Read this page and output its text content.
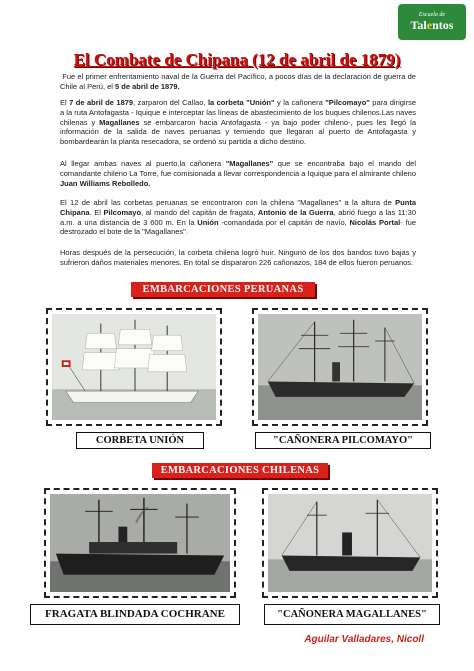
Escuela de
Talentos
El Combate de Chipana (12 de abril de 1879)

Fue el primer enfrentamiento naval de la Guerra del Pacífico, a pocos días de la declaración de guerra de Chile al Perú, el 5 de abril de 1879.

El 7 de abril de 1879, zarparon del Callao, la corbeta "Unión" y la cañonera "Pilcomayo" para dirigirse a la ruta Antofagasta - Iquique e interceptar las líneas de abastecimiento de los buques chilenos.Las naves chilenas y Magallanes se embarcaron hacia Antofagasta - ya bajo poder chileno-, pues les llegó la información de la salida de naves peruanas y temiendo que llegaran al puerto de Antofagasta y bombardearán la planta resecadora, se ordenó su partida a dicho destino.

Al llegar ambas naves al puerto,la cañonera "Magallanes" que se encontraba bajo el mando del comandante chileno La Torre, fue comisionada a llevar correspondencia a Iquique para el almirante chileno Juan Williams Rebolledo.

El 12 de abril las corbetas peruanas se encontraron con la chilena "Magallanes" a la altura de Punta Chipana. El Pilcomayo, al mando del capitán de fragata, Antonio de la Guerra, abrió fuego a las 11:30 a.m. a una distancia de 3 600 m. En la Unión -comandada por el capitán de navío, Nicolás Portal- fue destrozado el bote de la "Magallanes".

Horas después de la persecución, la corbeta chilena logró huir. Ninguno de los dos bandos tuvo bajas y sufrieron daños materiales menores. En total se dispararon 226 cañonazos, 184 de ellos fueron peruanos.

EMBARCACIONES PERUANAS
CORBETA UNIÓN	"CAÑONERA PILCOMAYO"
EMBARCACIONES CHILENAS
FRAGATA BLINDADA COCHRANE	"CAÑONERA MAGALLANES"
Aguilar Valladares, Nicoll
